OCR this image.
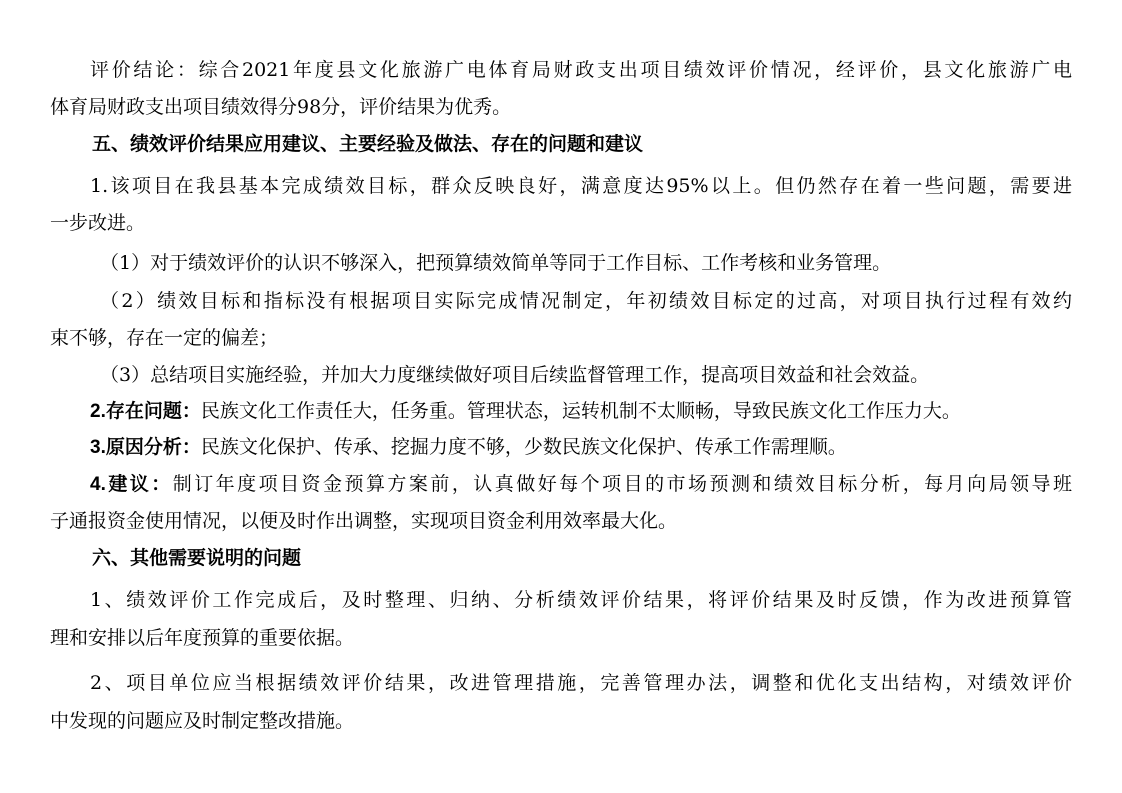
评价结论：综合2021年度县文化旅游广电体育局财政支出项目绩效评价情况，经评价，县文化旅游广电

体育局财政支出项目绩效得分98分，评价结果为优秀。

五、绩效评价结果应用建议、主要经验及做法、存在的问题和建议

1.该项目在我县基本完成绩效目标，群众反映良好，满意度达95%以上。但仍然存在着一些问题，需要进

一步改进。

（1）对于绩效评价的认识不够深入，把预算绩效简单等同于工作目标、工作考核和业务管理。

（2）绩效目标和指标没有根据项目实际完成情况制定，年初绩效目标定的过高，对项目执行过程有效约

束不够，存在一定的偏差；

（3）总结项目实施经验，并加大力度继续做好项目后续监督管理工作，提高项目效益和社会效益。

2.存在问题：民族文化工作责任大，任务重。管理状态，运转机制不太顺畅，导致民族文化工作压力大。

3.原因分析：民族文化保护、传承、挖掘力度不够，少数民族文化保护、传承工作需理顺。

4.建议：制订年度项目资金预算方案前，认真做好每个项目的市场预测和绩效目标分析，每月向局领导班

子通报资金使用情况，以便及时作出调整，实现项目资金利用效率最大化。

六、其他需要说明的问题

1、绩效评价工作完成后，及时整理、归纳、分析绩效评价结果，将评价结果及时反馈，作为改进预算管

理和安排以后年度预算的重要依据。

2、项目单位应当根据绩效评价结果，改进管理措施，完善管理办法，调整和优化支出结构，对绩效评价

中发现的问题应及时制定整改措施。
